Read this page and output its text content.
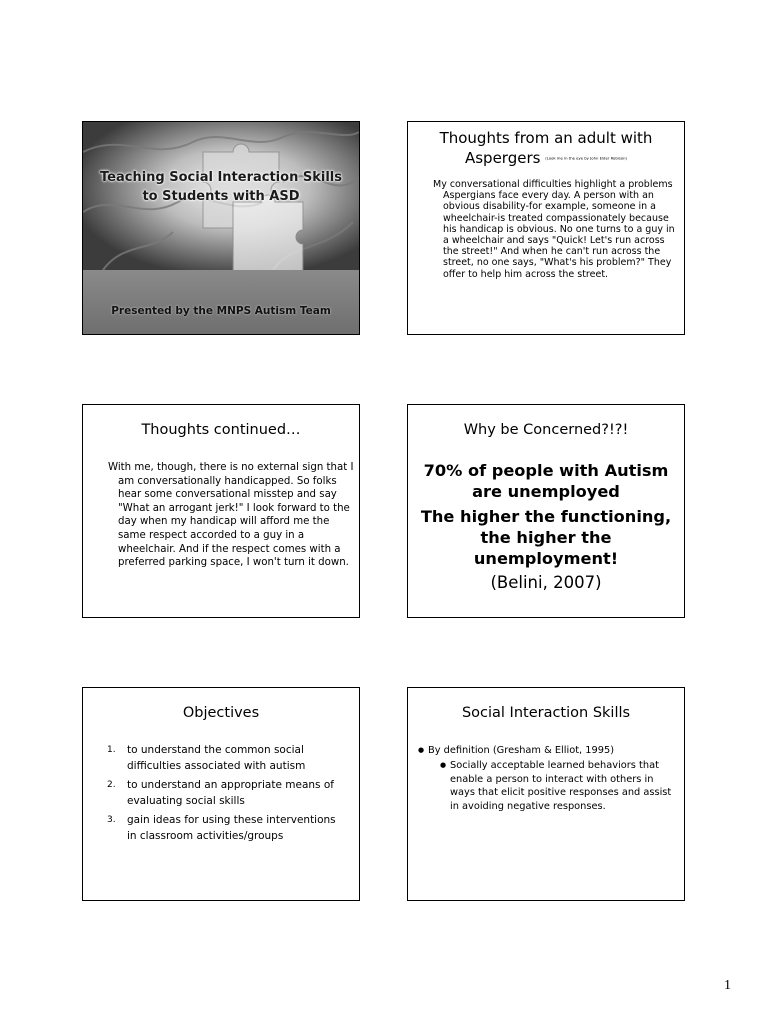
Teaching Social Interaction Skills to Students with ASD
Presented by the MNPS Autism Team
Thoughts from an adult with
Aspergers (Look me in the eye by John Elder Robison)
My conversational difficulties highlight a problems Aspergians face every day. A person with an obvious disability-for example, someone in a wheelchair-is treated compassionately because his handicap is obvious. No one turns to a guy in a wheelchair and says "Quick! Let's run across the street!" And when he can't run across the street, no one says, "What's his problem?" They offer to help him across the street.
Thoughts continued…
With me, though, there is no external sign that I am conversationally handicapped. So folks hear some conversational misstep and say "What an arrogant jerk!" I look forward to the day when my handicap will afford me the same respect accorded to a guy in a wheelchair. And if the respect comes with a preferred parking space, I won't turn it down.
Why be Concerned?!?!
70% of people with Autism are unemployed
The higher the functioning, the higher the unemployment!
(Belini, 2007)
Objectives
1. to understand the common social difficulties associated with autism
2. to understand an appropriate means of evaluating social skills
3. gain ideas for using these interventions in classroom activities/groups
Social Interaction Skills
● By definition (Gresham & Elliot, 1995)
● Socially acceptable learned behaviors that enable a person to interact with others in ways that elicit positive responses and assist in avoiding negative responses.
1
